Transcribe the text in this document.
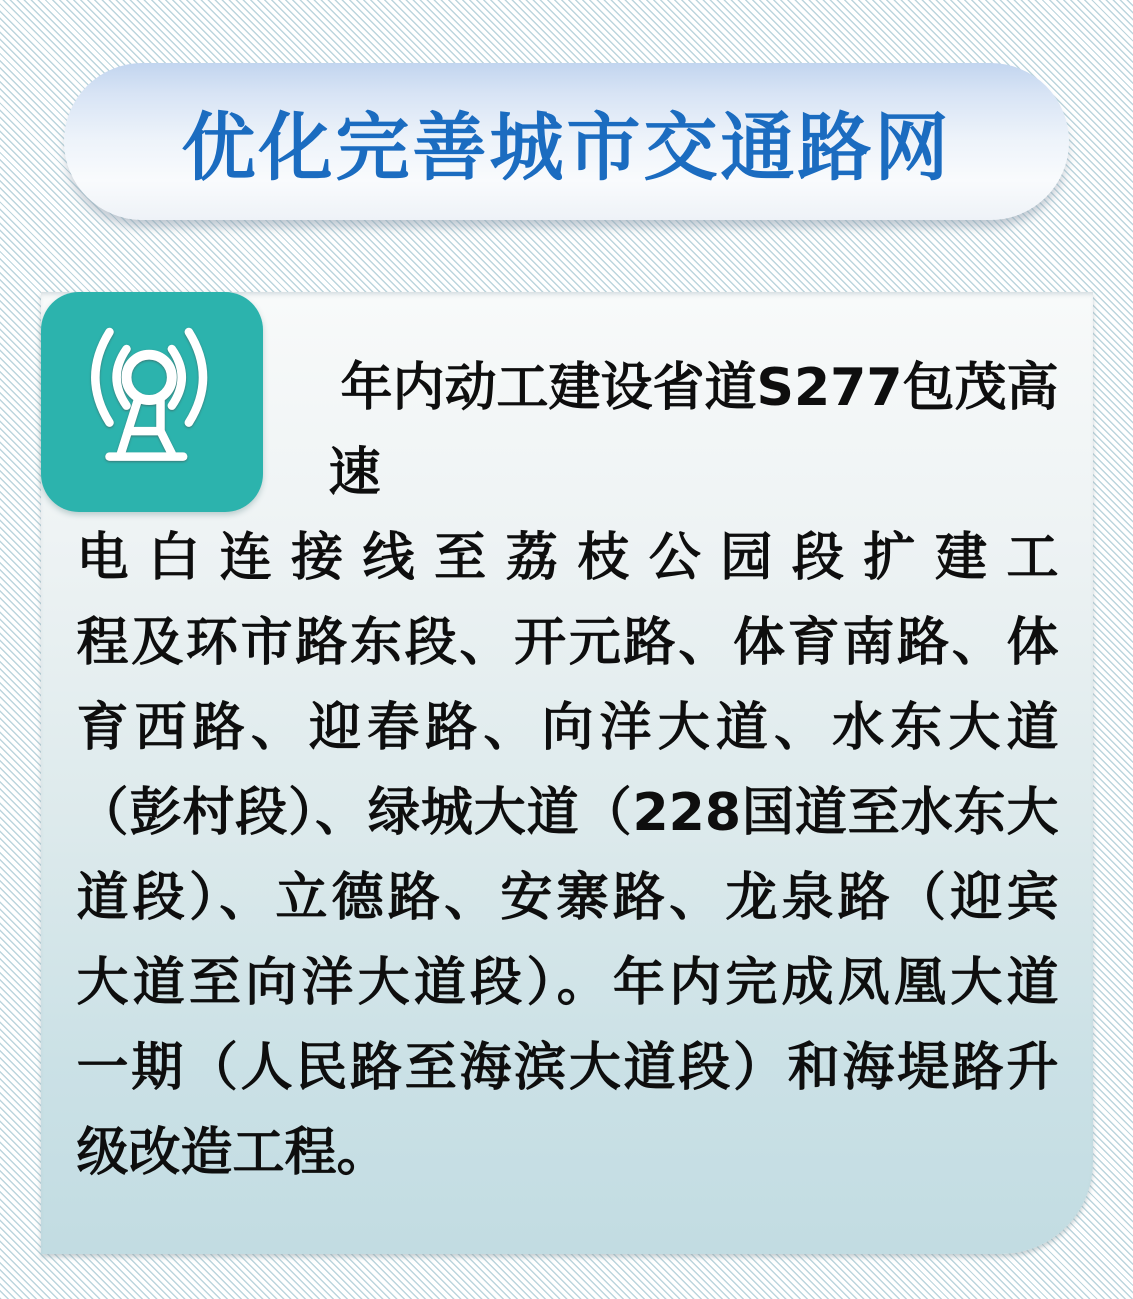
优化完善城市交通路网
年内动工建设省道S277包茂高速
电白连接线至荔枝公园段扩建工
程及环市路东段、开元路、体育南路、体
育西路、迎春路、向洋大道、水东大道
（彭村段）、绿城大道（228国道至水东大
道段）、立德路、安寨路、龙泉路（迎宾
大道至向洋大道段）。年内完成凤凰大道
一期（人民路至海滨大道段）和海堤路升
级改造工程。
